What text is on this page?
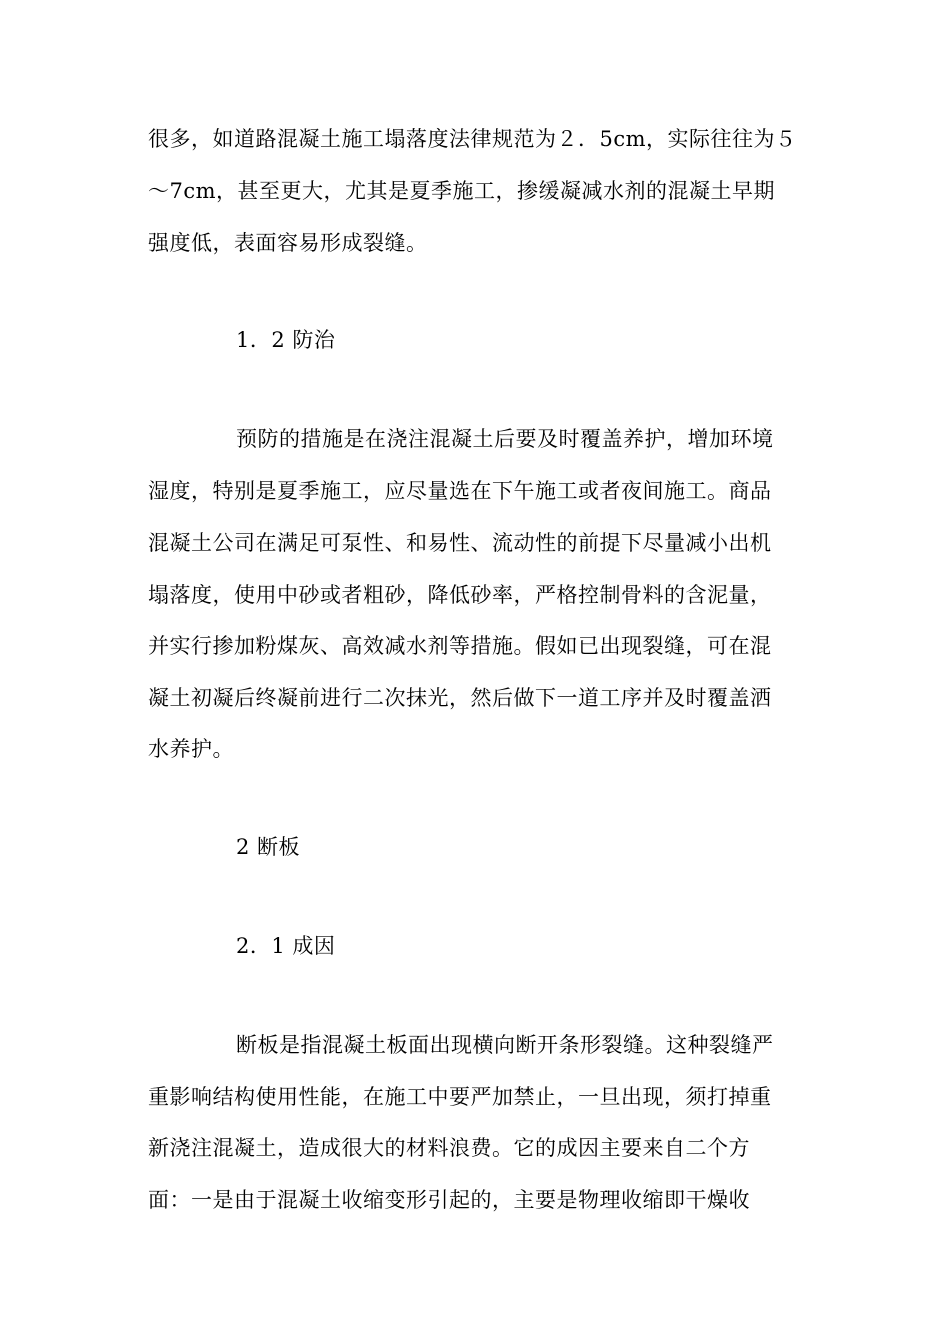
很多，如道路混凝土施工塌落度法律规范为２．5cm，实际往往为５
～7cm，甚至更大，尤其是夏季施工，掺缓凝减水剂的混凝土早期
强度低，表面容易形成裂缝。
1．2 防治
预防的措施是在浇注混凝土后要及时覆盖养护，增加环境
湿度，特别是夏季施工，应尽量选在下午施工或者夜间施工。商品
混凝土公司在满足可泵性、和易性、流动性的前提下尽量减小出机
塌落度，使用中砂或者粗砂，降低砂率，严格控制骨料的含泥量，
并实行掺加粉煤灰、高效减水剂等措施。假如已出现裂缝，可在混
凝土初凝后终凝前进行二次抹光，然后做下一道工序并及时覆盖洒
水养护。
2 断板
2．1 成因
断板是指混凝土板面出现横向断开条形裂缝。这种裂缝严
重影响结构使用性能，在施工中要严加禁止，一旦出现，须打掉重
新浇注混凝土，造成很大的材料浪费。它的成因主要来自二个方
面：一是由于混凝土收缩变形引起的，主要是物理收缩即干燥收
